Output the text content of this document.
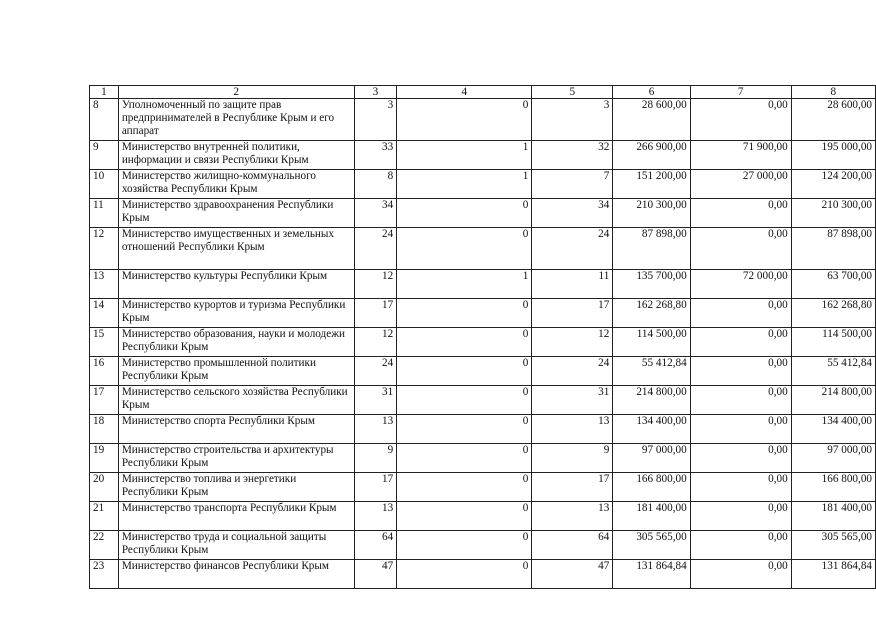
1	2	3	4	5	6	7	8
8	Уполномоченный по защите прав предпринимателей в Республике Крым и его аппарат	3	0	3	28 600,00	0,00	28 600,00
9	Министерство внутренней политики, информации и связи Республики Крым	33	1	32	266 900,00	71 900,00	195 000,00
10	Министерство жилищно-коммунального хозяйства Республики Крым	8	1	7	151 200,00	27 000,00	124 200,00
11	Министерство здравоохранения Республики Крым	34	0	34	210 300,00	0,00	210 300,00
12	Министерство имущественных и земельных отношений Республики Крым	24	0	24	87 898,00	0,00	87 898,00
13	Министерство культуры Республики Крым	12	1	11	135 700,00	72 000,00	63 700,00
14	Министерство курортов и туризма Республики Крым	17	0	17	162 268,80	0,00	162 268,80
15	Министерство образования, науки и молодежи Республики Крым	12	0	12	114 500,00	0,00	114 500,00
16	Министерство промышленной политики Республики Крым	24	0	24	55 412,84	0,00	55 412,84
17	Министерство сельского хозяйства Республики Крым	31	0	31	214 800,00	0,00	214 800,00
18	Министерство спорта Республики Крым	13	0	13	134 400,00	0,00	134 400,00
19	Министерство строительства и архитектуры Республики Крым	9	0	9	97 000,00	0,00	97 000,00
20	Министерство топлива и энергетики Республики Крым	17	0	17	166 800,00	0,00	166 800,00
21	Министерство транспорта Республики Крым	13	0	13	181 400,00	0,00	181 400,00
22	Министерство труда и социальной защиты Республики Крым	64	0	64	305 565,00	0,00	305 565,00
23	Министерство финансов Республики Крым	47	0	47	131 864,84	0,00	131 864,84
